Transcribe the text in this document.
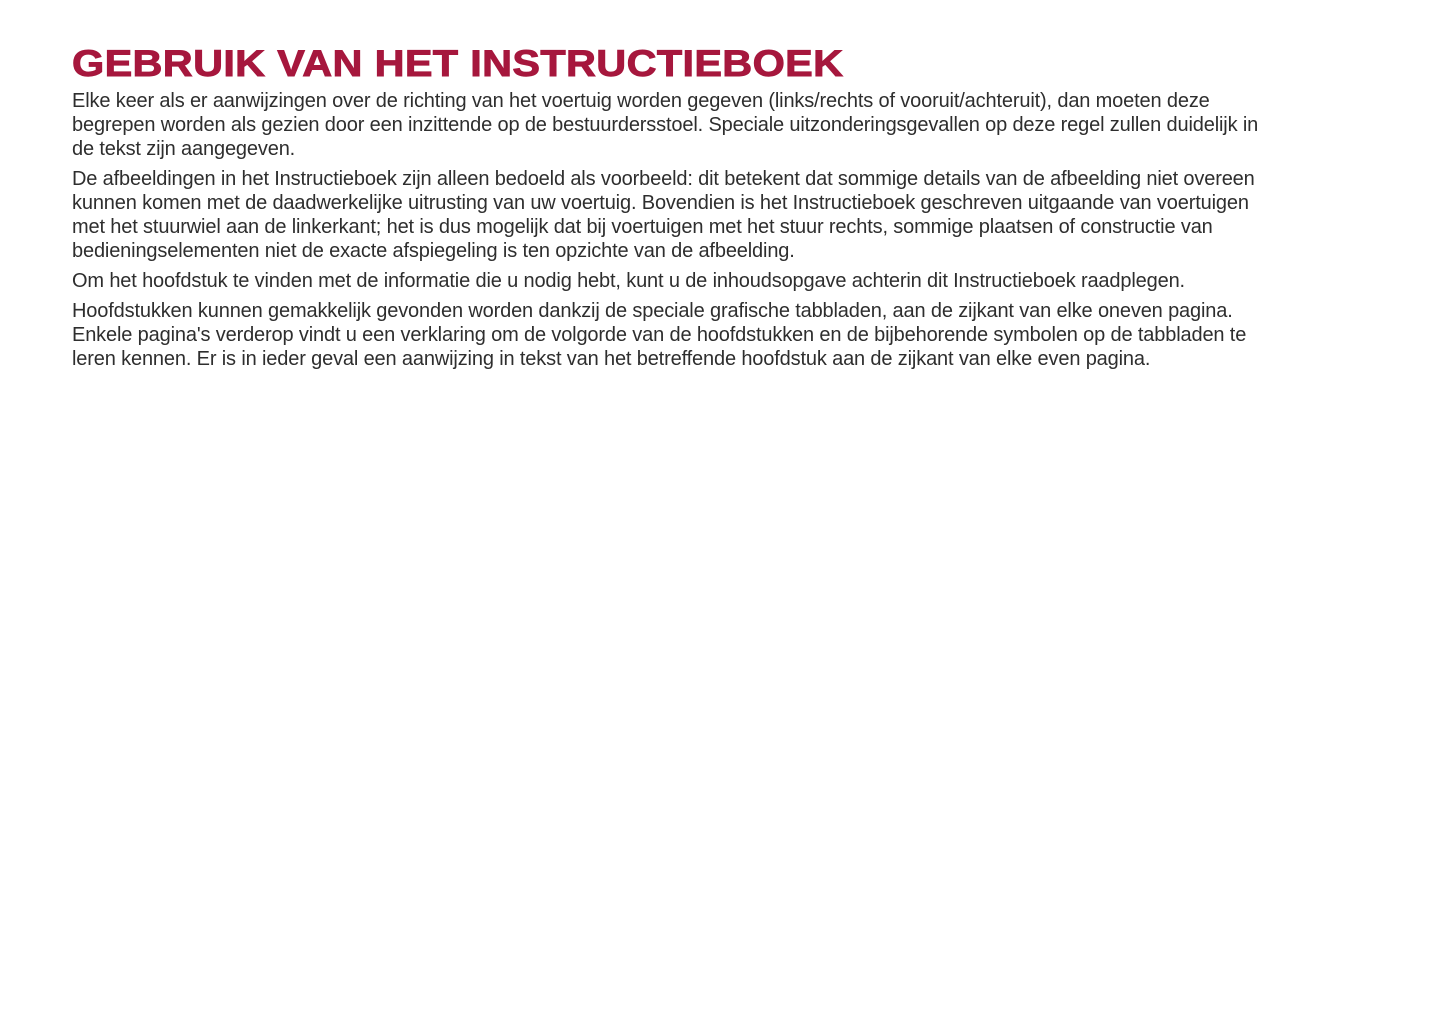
GEBRUIK VAN HET INSTRUCTIEBOEK

Elke keer als er aanwijzingen over de richting van het voertuig worden gegeven (links/rechts of vooruit/achteruit), dan moeten deze begrepen worden als gezien door een inzittende op de bestuurdersstoel. Speciale uitzonderingsgevallen op deze regel zullen duidelijk in de tekst zijn aangegeven.

De afbeeldingen in het Instructieboek zijn alleen bedoeld als voorbeeld: dit betekent dat sommige details van de afbeelding niet overeen kunnen komen met de daadwerkelijke uitrusting van uw voertuig. Bovendien is het Instructieboek geschreven uitgaande van voertuigen met het stuurwiel aan de linkerkant; het is dus mogelijk dat bij voertuigen met het stuur rechts, sommige plaatsen of constructie van bedieningselementen niet de exacte afspiegeling is ten opzichte van de afbeelding.

Om het hoofdstuk te vinden met de informatie die u nodig hebt, kunt u de inhoudsopgave achterin dit Instructieboek raadplegen.

Hoofdstukken kunnen gemakkelijk gevonden worden dankzij de speciale grafische tabbladen, aan de zijkant van elke oneven pagina. Enkele pagina's verderop vindt u een verklaring om de volgorde van de hoofdstukken en de bijbehorende symbolen op de tabbladen te leren kennen. Er is in ieder geval een aanwijzing in tekst van het betreffende hoofdstuk aan de zijkant van elke even pagina.
